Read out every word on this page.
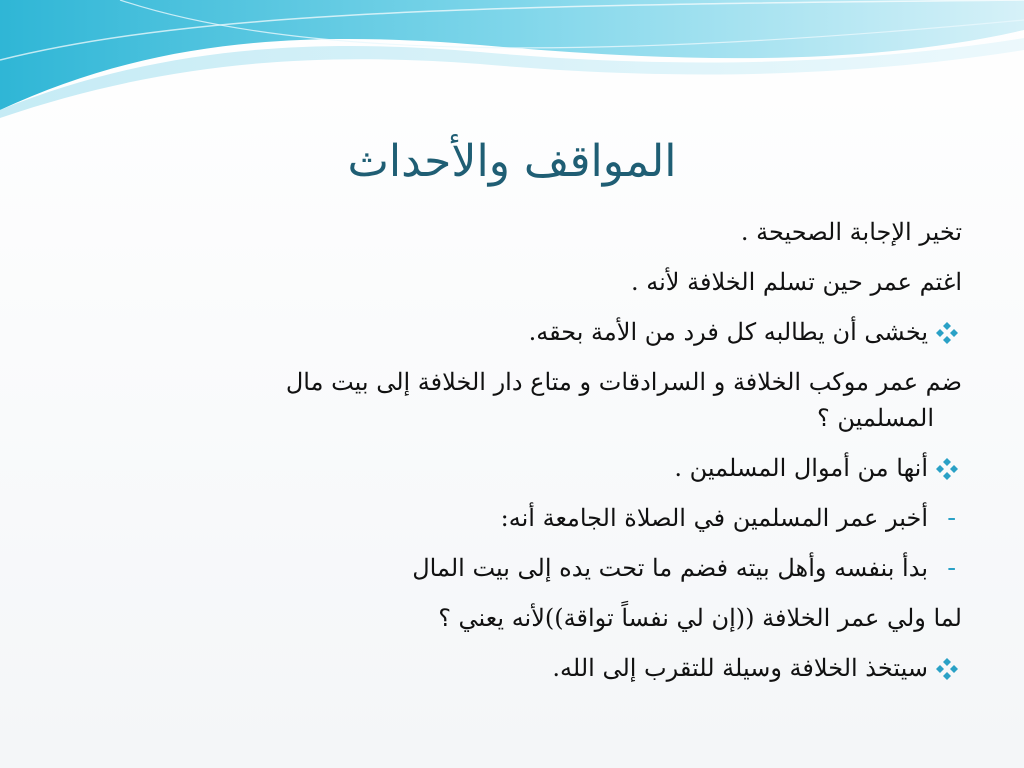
المواقف والأحداث
تخير الإجابة الصحيحة .
اغتم عمر حين تسلم الخلافة لأنه .
يخشى أن يطالبه كل فرد من الأمة بحقه.
ضم عمر موكب الخلافة و السرادقات و متاع دار الخلافة إلى بيت مال
المسلمين ؟
أنها من أموال المسلمين .
-
أخبر عمر المسلمين في الصلاة الجامعة أنه:
-
بدأ بنفسه وأهل بيته فضم ما تحت يده إلى بيت المال
لما ولي عمر الخلافة ((إن لي نفساً تواقة))لأنه يعني ؟
سيتخذ الخلافة وسيلة للتقرب إلى الله.
